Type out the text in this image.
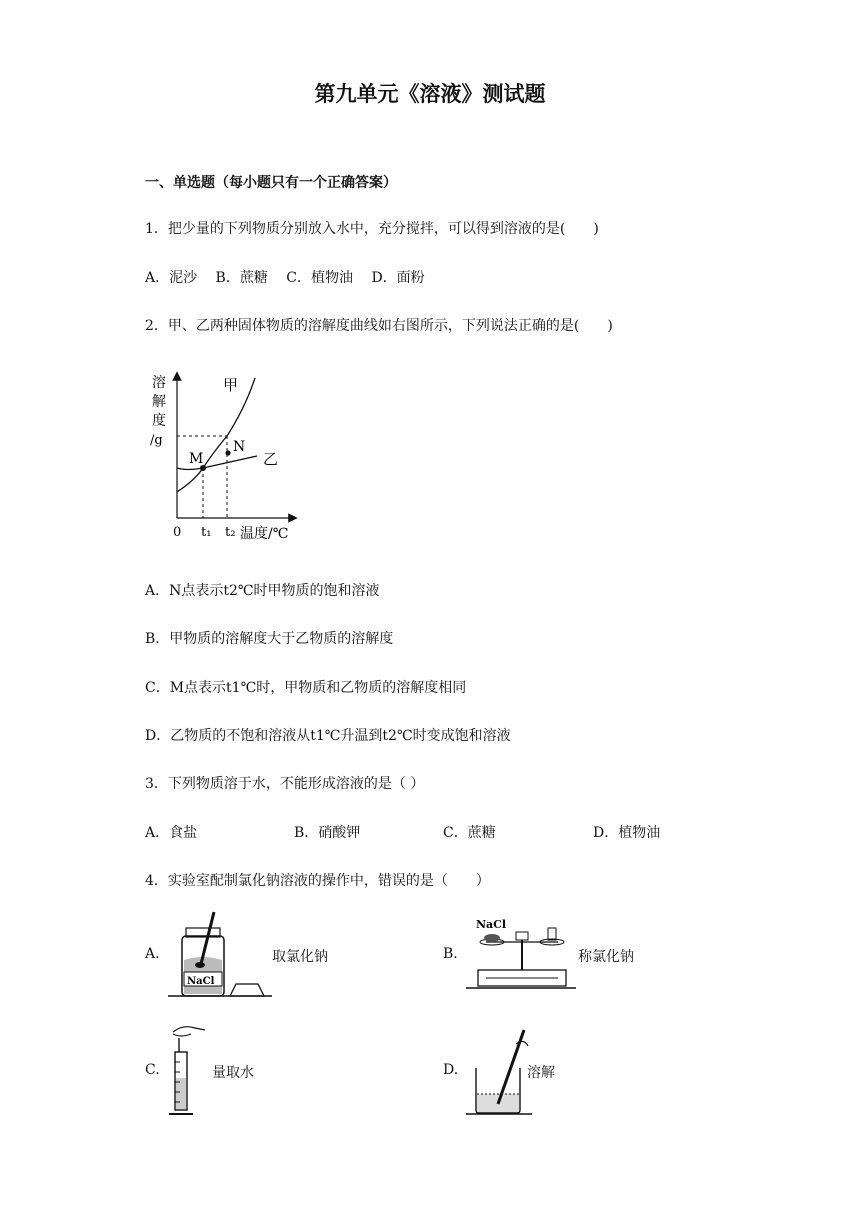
第九单元《溶液》测试题
一、单选题（每小题只有一个正确答案）
1．把少量的下列物质分别放入水中，充分搅拌，可以得到溶液的是(　　)
A．泥沙　 B．蔗糖　 C．植物油　 D．面粉
2．甲、乙两种固体物质的溶解度曲线如右图所示，下列说法正确的是(　　)
溶
解
度
/g
M
N
甲
乙
0 t₁ t₂ 温度/℃
A．N点表示t2℃时甲物质的饱和溶液
B．甲物质的溶解度大于乙物质的溶解度
C．M点表示t1℃时，甲物质和乙物质的溶解度相同
D．乙物质的不饱和溶液从t1℃升温到t2℃时变成饱和溶液
3．下列物质溶于水，不能形成溶液的是（ ）
A．食盐	B．硝酸钾	C．蔗糖	D．植物油
4．实验室配制氯化钠溶液的操作中，错误的是（　　）
A.
NaCl
取氯化钠	B.
NaCl
称氯化钠
C.	量取水	D.	溶解
